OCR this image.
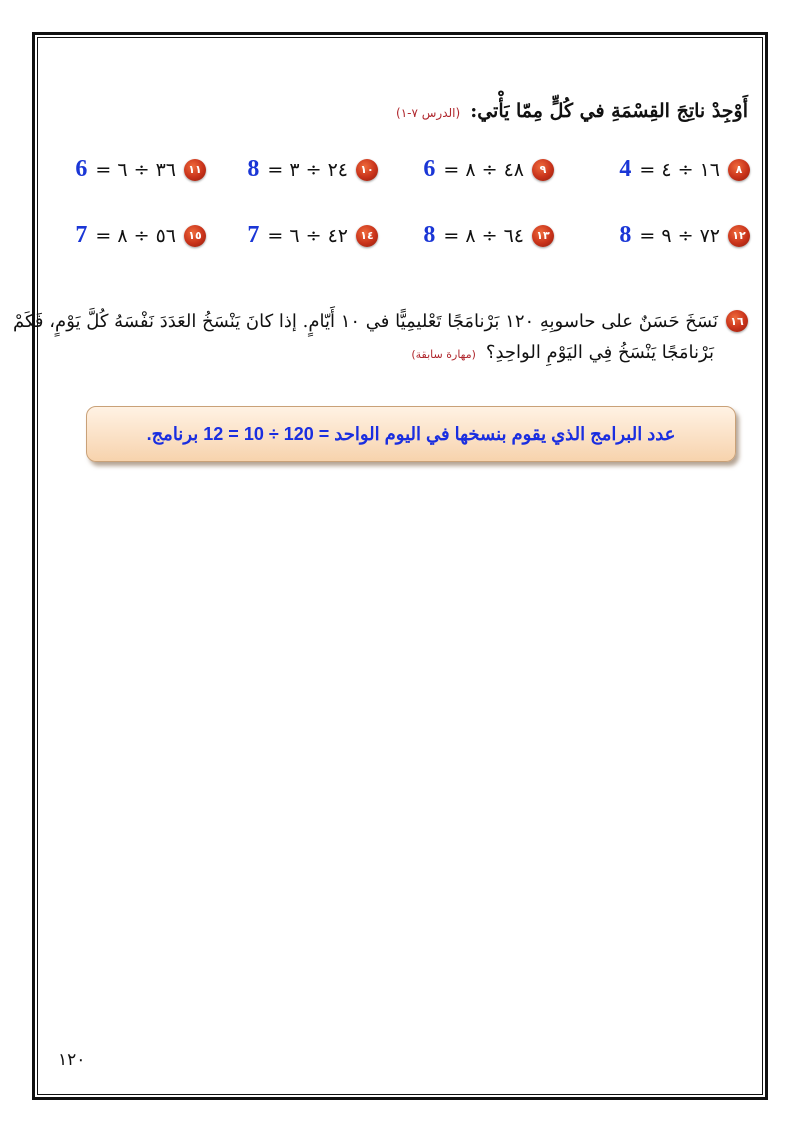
أَوْجِدْ ناتِجَ القِسْمَةِ في كُلٍّ مِمّا يَأْتي:
(الدرس ٧-١)
٨
١٦ ÷ ٤ =
4
٩
٤٨ ÷ ٨ =
6
١٠
٢٤ ÷ ٣ =
8
١١
٣٦ ÷ ٦ =
6
١٢
٧٢ ÷ ٩ =
8
١٣
٦٤ ÷ ٨ =
8
١٤
٤٢ ÷ ٦ =
7
١٥
٥٦ ÷ ٨ =
7
١٦
نَسَخَ حَسَنٌ على حاسوبِهِ ١٢٠ بَرْنامَجًا تَعْليمِيًّا في ١٠ أَيّامٍ. إذا كانَ يَنْسَخُ العَدَدَ نَفْسَهُ كُلَّ يَوْمٍ، فَكَمْ
بَرْنامَجًا يَنْسَخُ فِي اليَوْمِ الواحِدِ؟
(مهارة سابقة)
عدد البرامج الذي يقوم بنسخها في اليوم الواحد = 120 ÷ 10 = 12 برنامج.
١٢٠
